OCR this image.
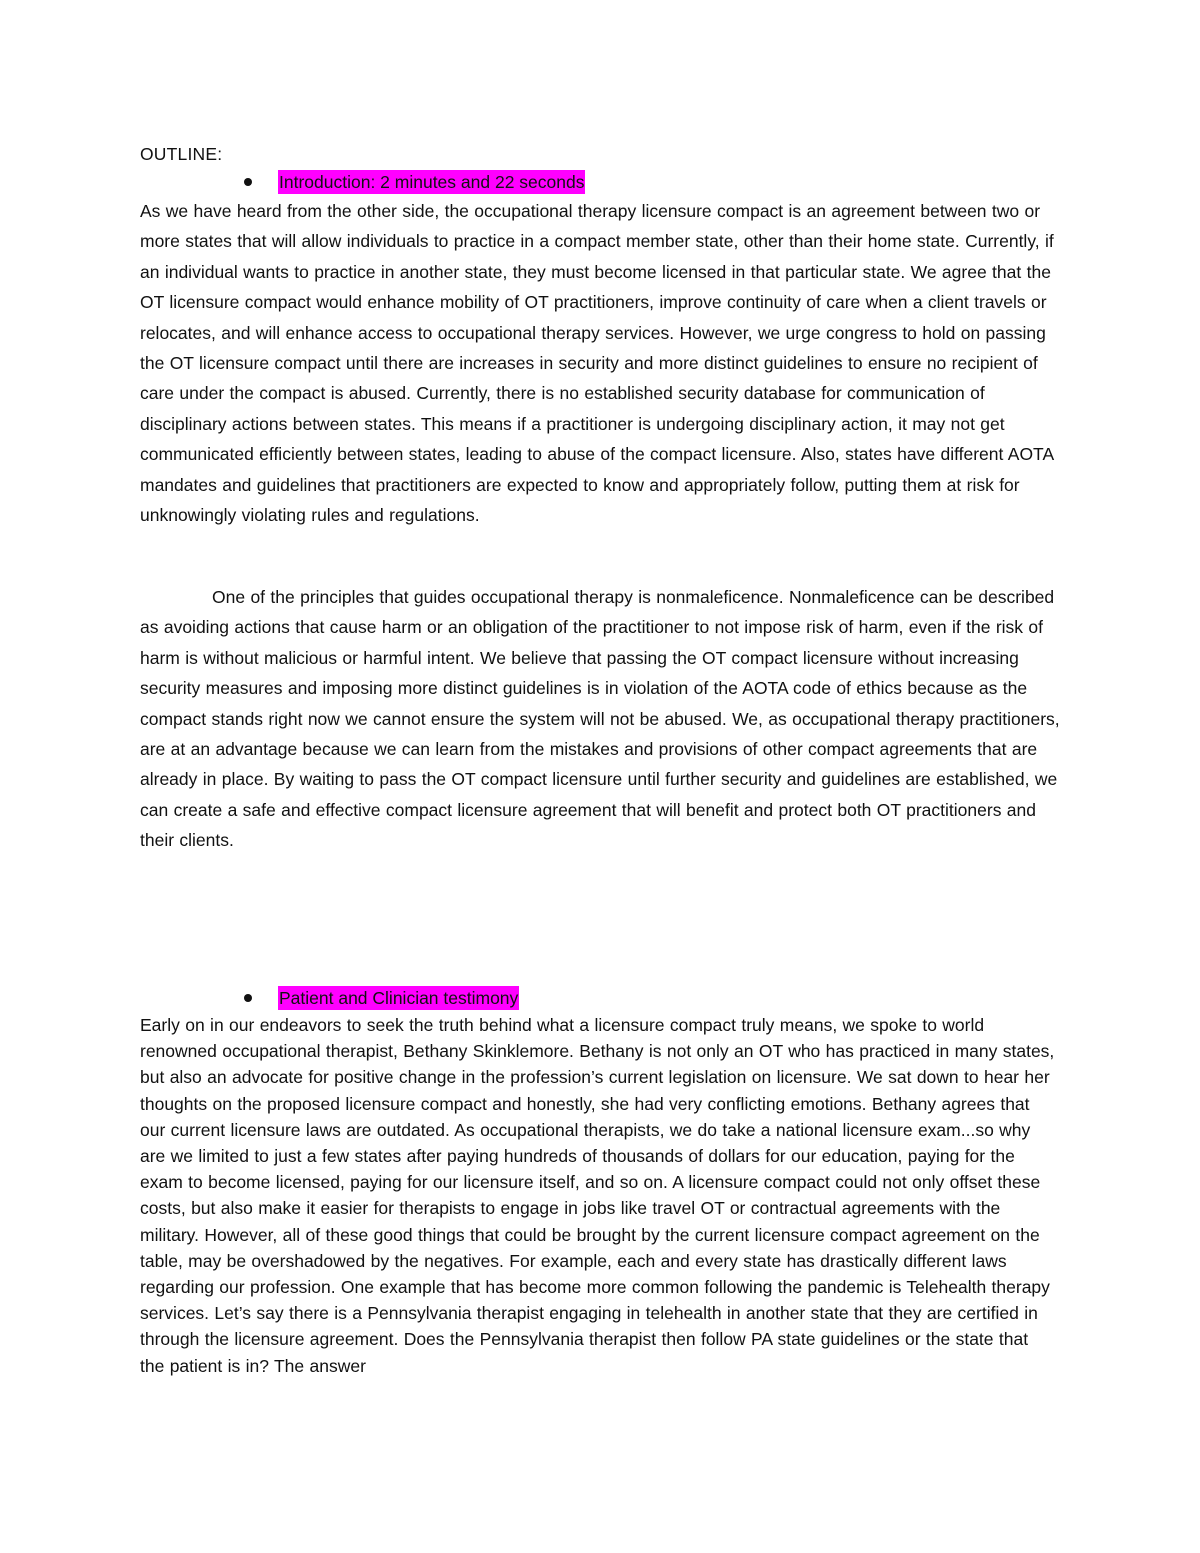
OUTLINE:
Introduction: 2 minutes and 22 seconds

As we have heard from the other side, the occupational therapy licensure compact is an agreement between two or more states that will allow individuals to practice in a compact member state, other than their home state. Currently, if an individual wants to practice in another state, they must become licensed in that particular state. We agree that the OT licensure compact would enhance mobility of OT practitioners, improve continuity of care when a client travels or relocates, and will enhance access to occupational therapy services. However, we urge congress to hold on passing the OT licensure compact until there are increases in security and more distinct guidelines to ensure no recipient of care under the compact is abused. Currently, there is no established security database for communication of disciplinary actions between states. This means if a practitioner is undergoing disciplinary action, it may not get communicated efficiently between states, leading to abuse of the compact licensure. Also, states have different AOTA mandates and guidelines that practitioners are expected to know and appropriately follow, putting them at risk for unknowingly violating rules and regulations.

One of the principles that guides occupational therapy is nonmaleficence. Nonmaleficence can be described as avoiding actions that cause harm or an obligation of the practitioner to not impose risk of harm, even if the risk of harm is without malicious or harmful intent. We believe that passing the OT compact licensure without increasing security measures and imposing more distinct guidelines is in violation of the AOTA code of ethics because as the compact stands right now we cannot ensure the system will not be abused. We, as occupational therapy practitioners, are at an advantage because we can learn from the mistakes and provisions of other compact agreements that are already in place. By waiting to pass the OT compact licensure until further security and guidelines are established, we can create a safe and effective compact licensure agreement that will benefit and protect both OT practitioners and their clients.

Patient and Clinician testimony

Early on in our endeavors to seek the truth behind what a licensure compact truly means, we spoke to world renowned occupational therapist, Bethany Skinklemore. Bethany is not only an OT who has practiced in many states, but also an advocate for positive change in the profession’s current legislation on licensure. We sat down to hear her thoughts on the proposed licensure compact and honestly, she had very conflicting emotions. Bethany agrees that our current licensure laws are outdated. As occupational therapists, we do take a national licensure exam...so why are we limited to just a few states after paying hundreds of thousands of dollars for our education, paying for the exam to become licensed, paying for our licensure itself, and so on. A licensure compact could not only offset these costs, but also make it easier for therapists to engage in jobs like travel OT or contractual agreements with the military. However, all of these good things that could be brought by the current licensure compact agreement on the table, may be overshadowed by the negatives. For example, each and every state has drastically different laws regarding our profession. One example that has become more common following the pandemic is Telehealth therapy services. Let’s say there is a Pennsylvania therapist engaging in telehealth in another state that they are certified in through the licensure agreement. Does the Pennsylvania therapist then follow PA state guidelines or the state that the patient is in? The answer
